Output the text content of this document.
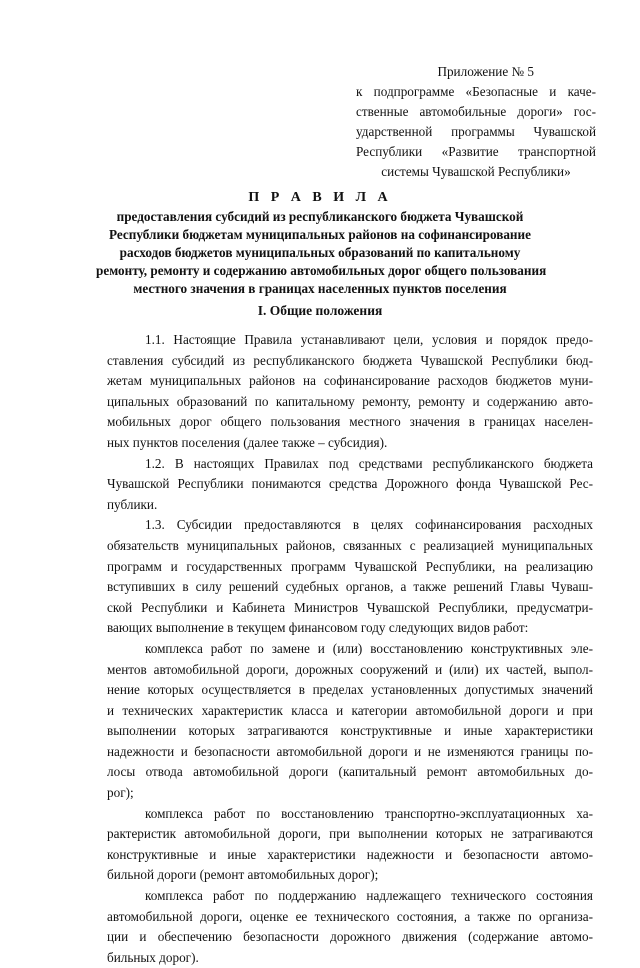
Приложение № 5
к подпрограмме «Безопасные и каче-
ственные автомобильные дороги» гос-
ударственной программы Чувашской
Республики «Развитие транспортной
системы Чувашской Республики»
П Р А В И Л А
предоставления субсидий из республиканского бюджета Чувашской
Республики бюджетам муниципальных районов на софинансирование
расходов бюджетов муниципальных образований по капитальному
ремонту, ремонту и содержанию автомобильных дорог общего пользования
местного значения в границах населенных пунктов поселения
I. Общие положения

1.1. Настоящие Правила устанавливают цели, условия и порядок предо-
ставления субсидий из республиканского бюджета Чувашской Республики бюд-
жетам муниципальных районов на софинансирование расходов бюджетов муни-
ципальных образований по капитальному ремонту, ремонту и содержанию авто-
мобильных дорог общего пользования местного значения в границах населен-
ных пунктов поселения (далее также – субсидия).

1.2. В настоящих Правилах под средствами республиканского бюджета
Чувашской Республики понимаются средства Дорожного фонда Чувашской Рес-
публики.

1.3. Субсидии предоставляются в целях софинансирования расходных
обязательств муниципальных районов, связанных с реализацией муниципальных
программ и государственных программ Чувашской Республики, на реализацию
вступивших в силу решений судебных органов, а также решений Главы Чуваш-
ской Республики и Кабинета Министров Чувашской Республики, предусматри-
вающих выполнение в текущем финансовом году следующих видов работ:

комплекса работ по замене и (или) восстановлению конструктивных эле-
ментов автомобильной дороги, дорожных сооружений и (или) их частей, выпол-
нение которых осуществляется в пределах установленных допустимых значений
и технических характеристик класса и категории автомобильной дороги и при
выполнении которых затрагиваются конструктивные и иные характеристики
надежности и безопасности автомобильной дороги и не изменяются границы по-
лосы отвода автомобильной дороги (капитальный ремонт автомобильных до-
рог);

комплекса работ по восстановлению транспортно-эксплуатационных ха-
рактеристик автомобильной дороги, при выполнении которых не затрагиваются
конструктивные и иные характеристики надежности и безопасности автомо-
бильной дороги (ремонт автомобильных дорог);

комплекса работ по поддержанию надлежащего технического состояния
автомобильной дороги, оценке ее технического состояния, а также по организа-
ции и обеспечению безопасности дорожного движения (содержание автомо-
бильных дорог).
